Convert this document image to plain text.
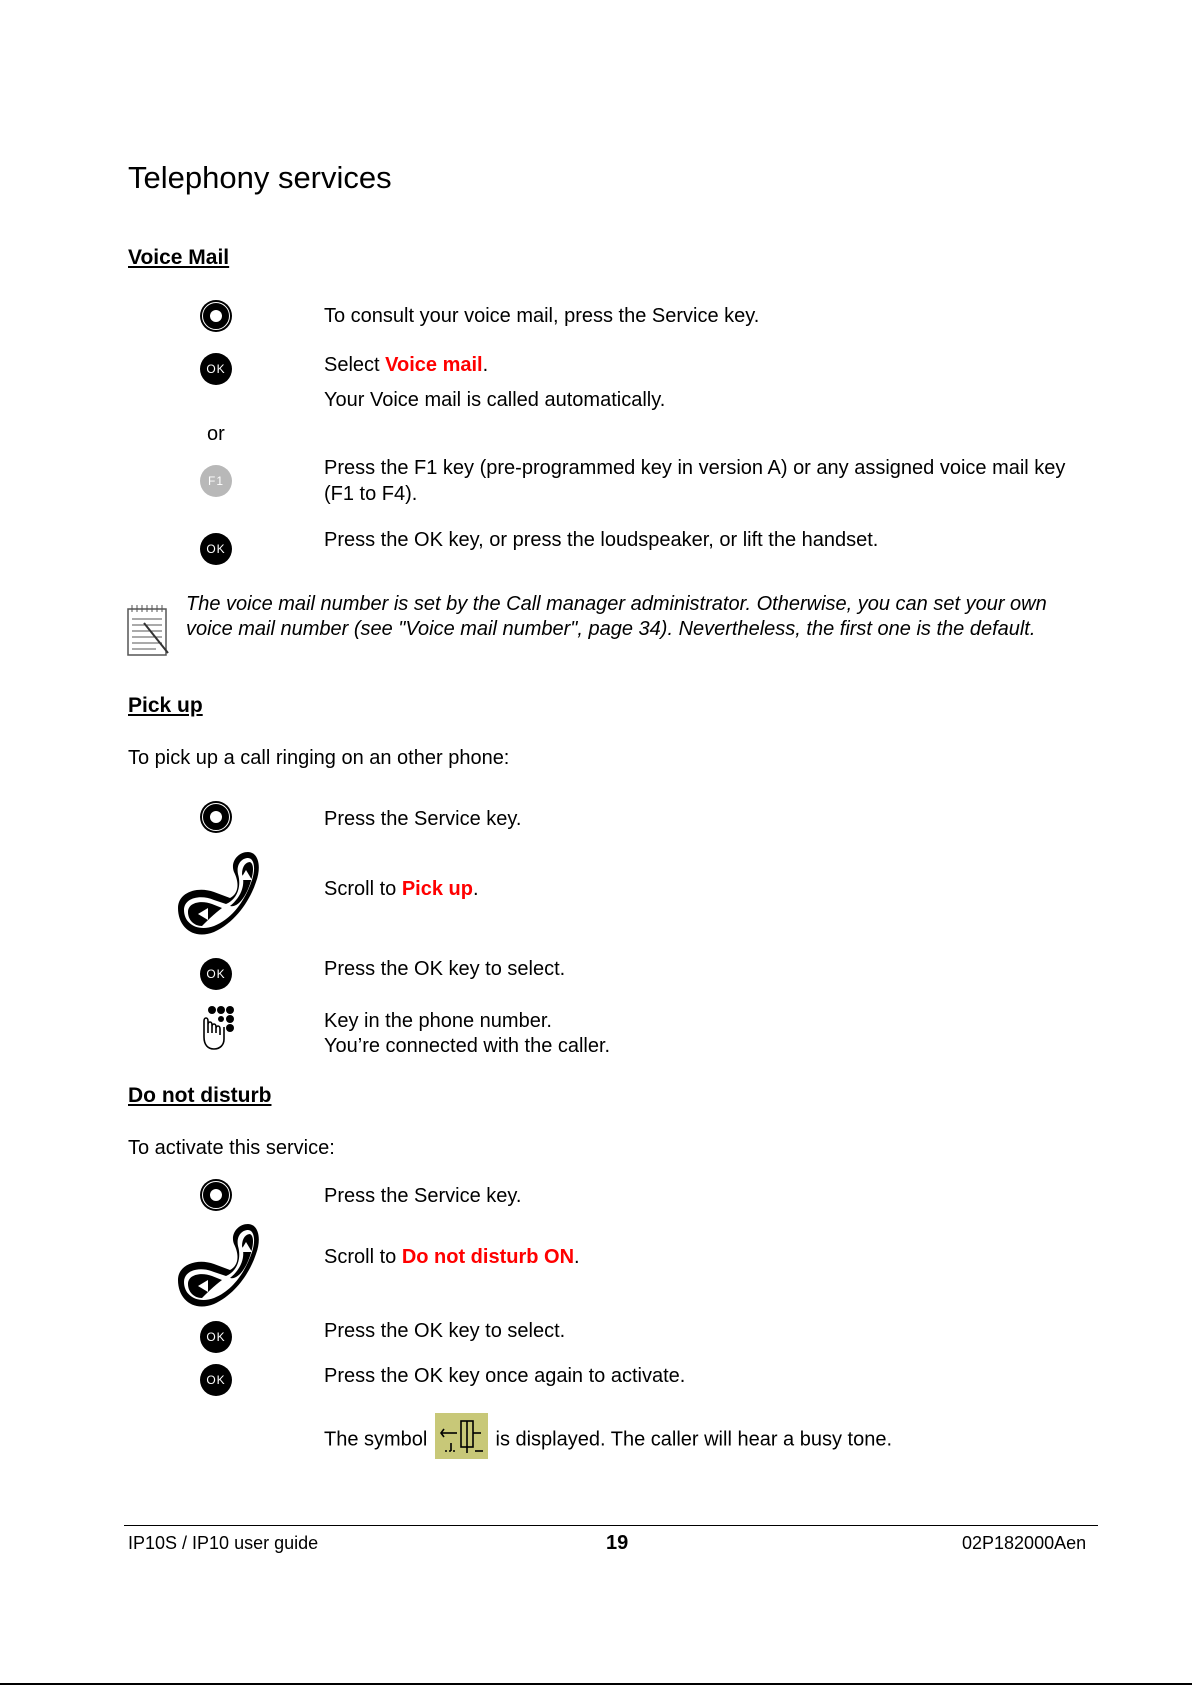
Telephony services
Voice Mail
To consult your voice mail, press the Service key.
OK	Select Voice mail.
Your Voice mail is called automatically.
or
F1
Press the F1 key (pre-programmed key in version A) or any assigned voice mail key (F1 to F4).
OK	Press the OK key, or press the loudspeaker, or lift the handset.
The voice mail number is set by the Call manager administrator. Otherwise, you can set your own voice mail number (see "Voice mail number", page 34). Nevertheless, the first one is the default.
Pick up
To pick up a call ringing on an other phone:
Press the Service key.
Scroll to Pick up.
OK	Press the OK key to select.
Key in the phone number.
You’re connected with the caller.
Do not disturb
To activate this service:
Press the Service key.
Scroll to Do not disturb ON.
OK	Press the OK key to select.
OK	Press the OK key once again to activate.
The symbol	is displayed. The caller will hear a busy tone.
IP10S / IP10 user guide	19	02P182000Aen
